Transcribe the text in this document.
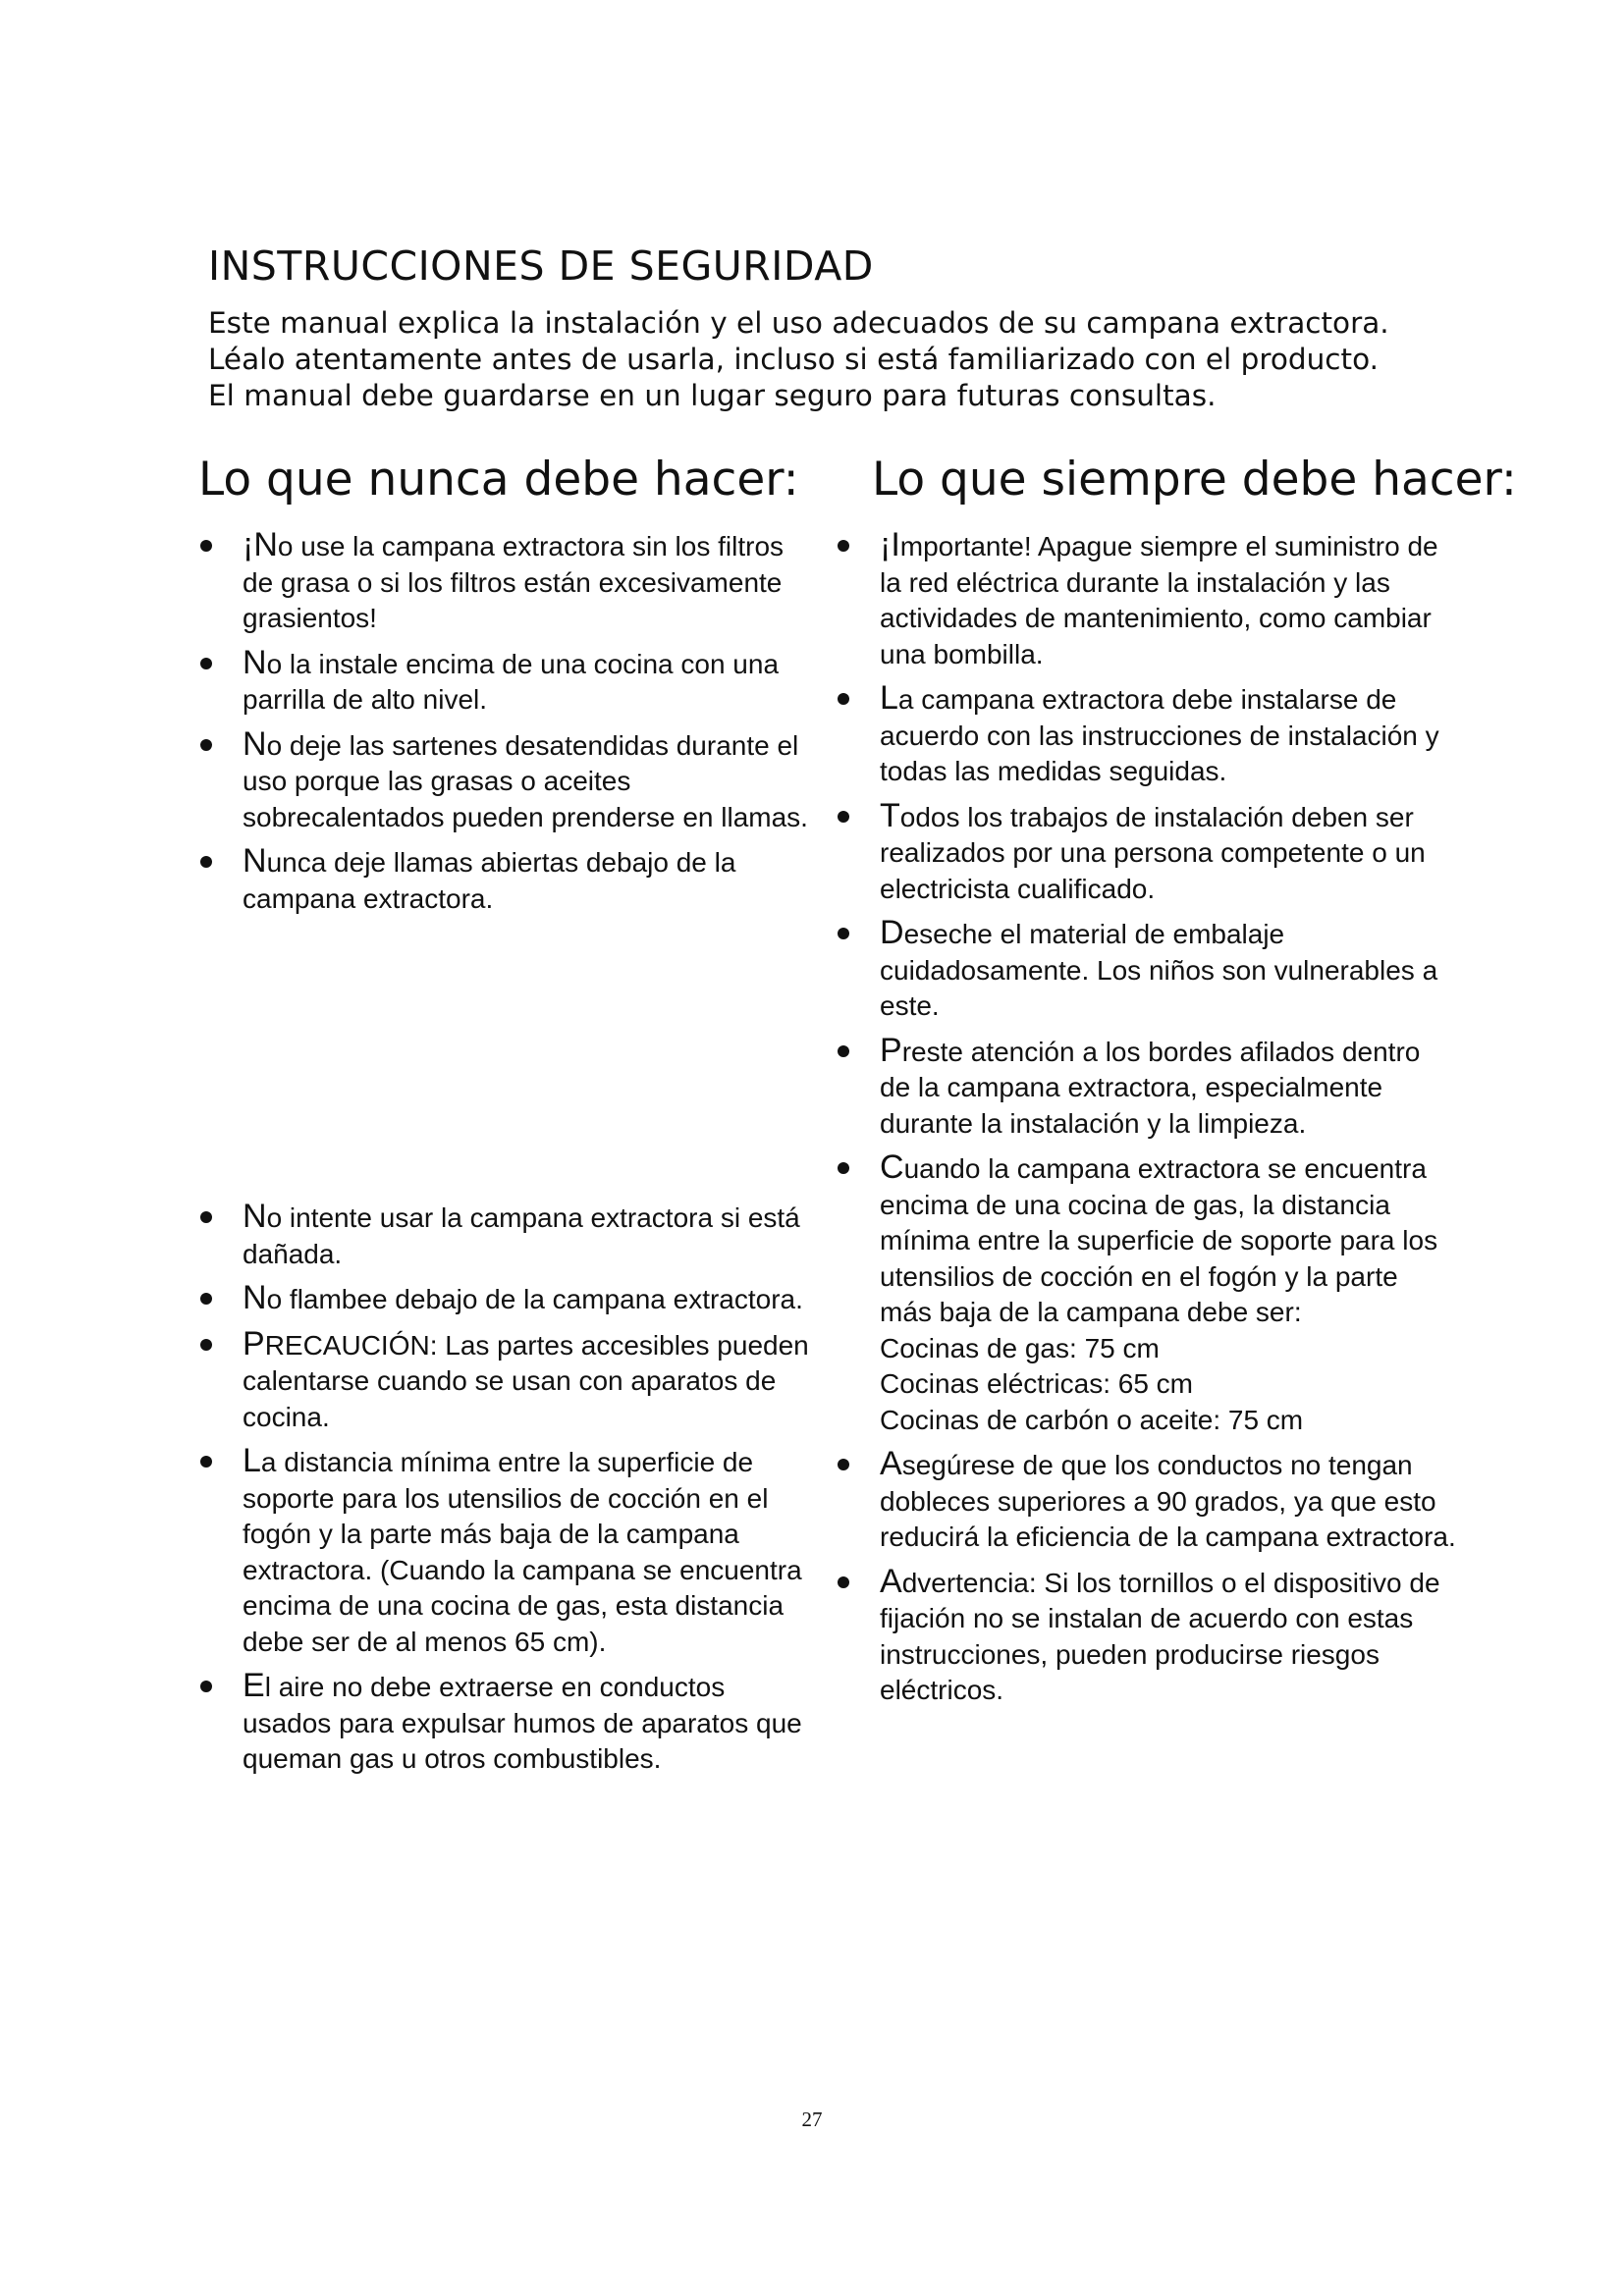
INSTRUCCIONES DE SEGURIDAD

Este manual explica la instalación y el uso adecuados de su campana extractora.

Léalo atentamente antes de usarla, incluso si está familiarizado con el producto.

El manual debe guardarse en un lugar seguro para futuras consultas.

Lo que nunca debe hacer: Lo que siempre debe hacer:
¡No use la campana extractora sin los filtros de grasa o si los filtros están excesivamente grasientos!
No la instale encima de una cocina con una parrilla de alto nivel.
No deje las sartenes desatendidas durante el uso porque las grasas o aceites sobrecalentados pueden prenderse en llamas.
Nunca deje llamas abiertas debajo de la campana extractora.
No intente usar la campana extractora si está dañada.
No flambee debajo de la campana extractora.
PRECAUCIÓN: Las partes accesibles pueden calentarse cuando se usan con aparatos de cocina.
La distancia mínima entre la superficie de soporte para los utensilios de cocción en el fogón y la parte más baja de la campana extractora. (Cuando la campana se encuentra encima de una cocina de gas, esta distancia debe ser de al menos 65 cm).
El aire no debe extraerse en conductos usados para expulsar humos de aparatos que queman gas u otros combustibles.
¡Importante! Apague siempre el suministro de la red eléctrica durante la instalación y las actividades de mantenimiento, como cambiar una bombilla.
La campana extractora debe instalarse de acuerdo con las instrucciones de instalación y todas las medidas seguidas.
Todos los trabajos de instalación deben ser realizados por una persona competente o un electricista cualificado.
Deseche el material de embalaje cuidadosamente. Los niños son vulnerables a este.
Preste atención a los bordes afilados dentro de la campana extractora, especialmente durante la instalación y la limpieza.
Cuando la campana extractora se encuentra encima de una cocina de gas, la distancia mínima entre la superficie de soporte para los utensilios de cocción en el fogón y la parte más baja de la campana debe ser:
Cocinas de gas: 75 cm
Cocinas eléctricas: 65 cm
Cocinas de carbón o aceite: 75 cm
Asegúrese de que los conductos no tengan dobleces superiores a 90 grados, ya que esto reducirá la eficiencia de la campana extractora.
Advertencia: Si los tornillos o el dispositivo de fijación no se instalan de acuerdo con estas instrucciones, pueden producirse riesgos eléctricos.

27
